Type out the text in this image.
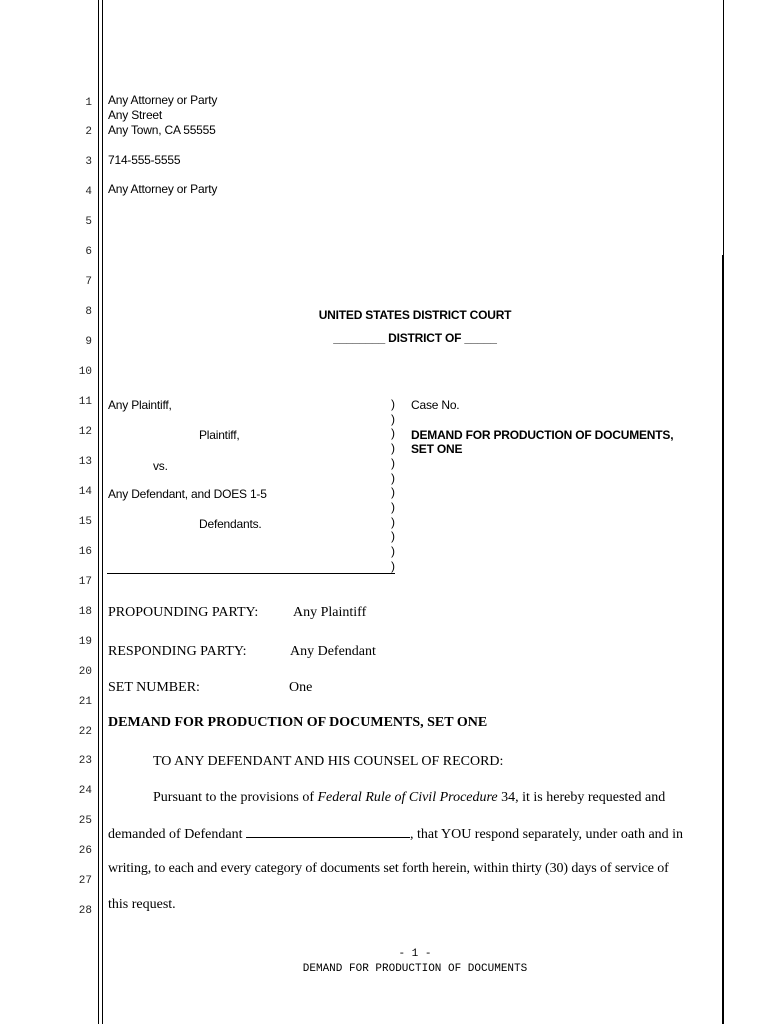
1
2
3
4
5
6
7
8
9
10
11
12
13
14
15
16
17
18
19
20
21
22
23
24
25
26
27
28
Any Attorney or Party
Any Street
Any Town, CA 55555
714-555-5555
Any Attorney or Party
UNITED STATES DISTRICT COURT
________ DISTRICT OF _____
Any Plaintiff,
Plaintiff,
vs.
Any Defendant, and DOES 1-5
Defendants.
)
)
)
)
)
)
)
)
)
)
)
)
Case No.
DEMAND FOR PRODUCTION OF DOCUMENTS,
SET ONE
PROPOUNDING PARTY: Any Plaintiff
RESPONDING PARTY:	Any Defendant
SET NUMBER:	One
DEMAND FOR PRODUCTION OF DOCUMENTS, SET ONE
TO ANY DEFENDANT AND HIS COUNSEL OF RECORD:
Pursuant to the provisions of Federal Rule of Civil Procedure 34, it is hereby requested and
demanded of Defendant	, that YOU respond separately, under oath and in
writing, to each and every category of documents set forth herein, within thirty (30) days of service of
this request.
- 1 -
DEMAND FOR PRODUCTION OF DOCUMENTS
